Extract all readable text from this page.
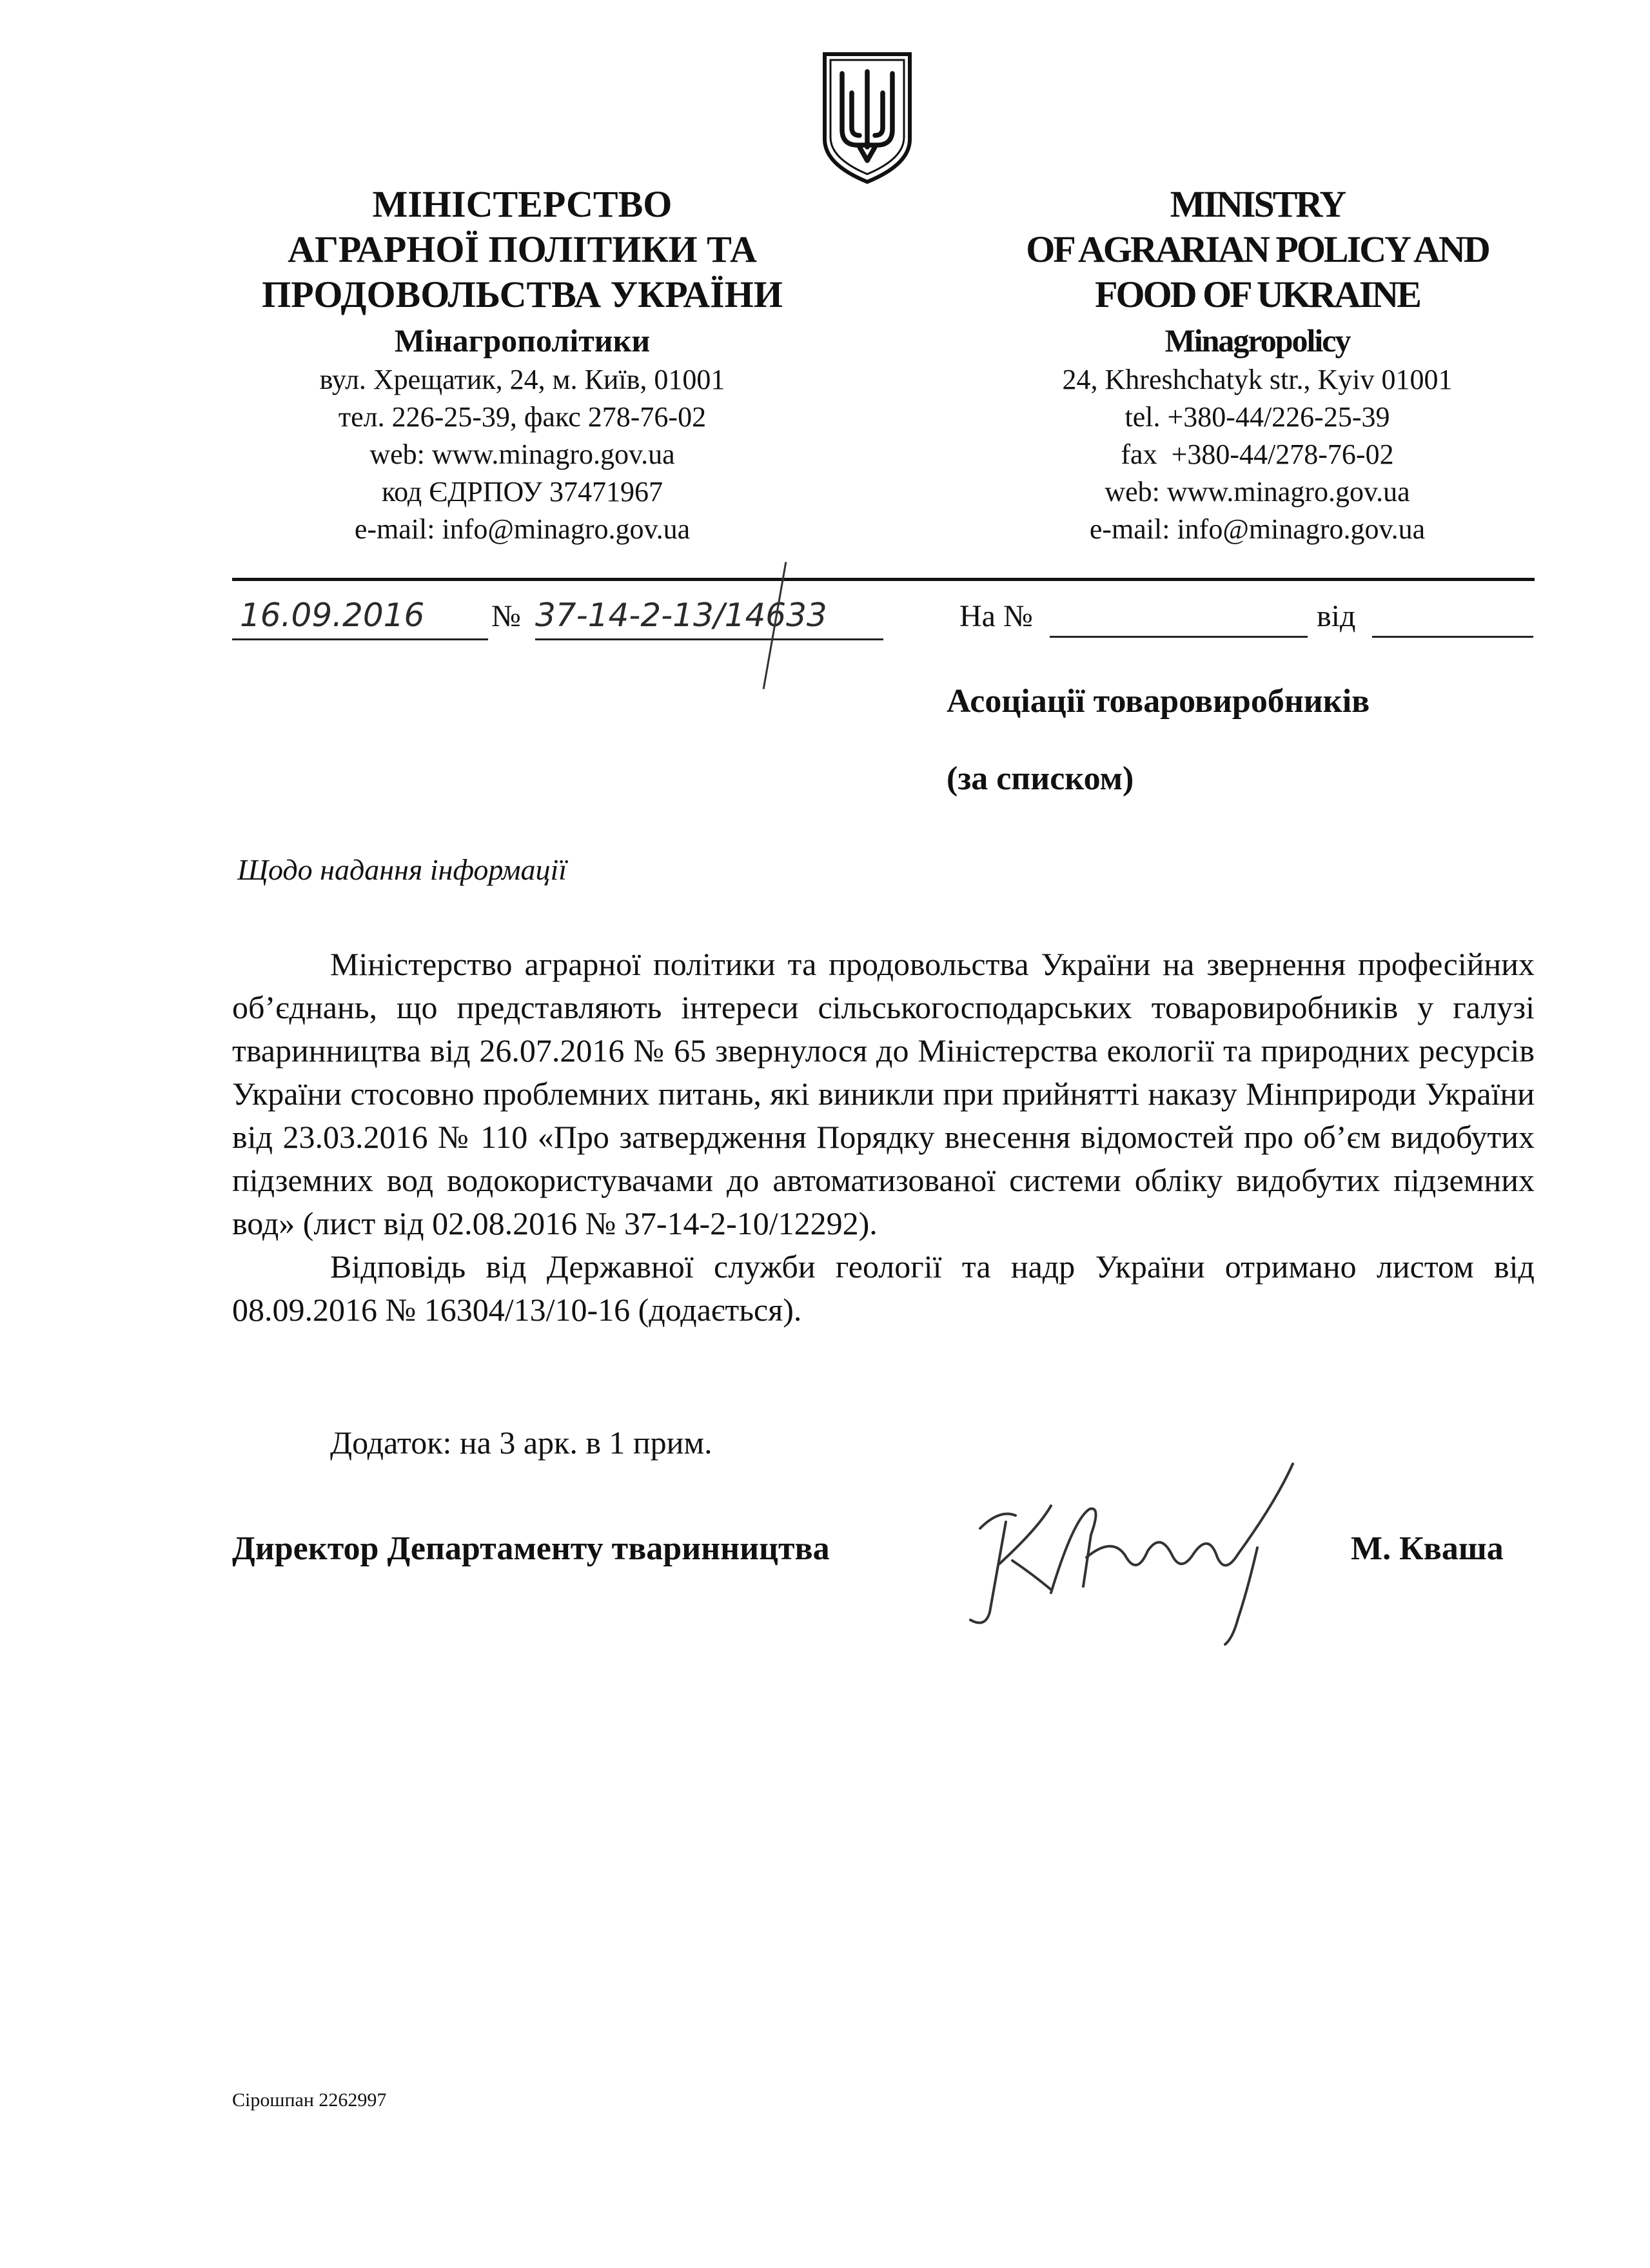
МІНІСТЕРСТВО
АГРАРНОЇ ПОЛІТИКИ ТА
ПРОДОВОЛЬСТВА УКРАЇНИ
Мінагрополітики
вул. Хрещатик, 24, м. Київ, 01001
тел. 226-25-39, факс 278-76-02
web: www.minagro.gov.ua
код ЄДРПОУ 37471967
e-mail: info@minagro.gov.ua
MINISTRY
OF AGRARIAN POLICY AND
FOOD OF UKRAINE
Minagropolicy
24, Khreshchatyk str., Kyiv 01001
tel. +380-44/226-25-39
fax  +380-44/278-76-02
web: www.minagro.gov.ua
e-mail: info@minagro.gov.ua
16.09.2016	№ 37-14-2-13/14633	На №	від
Асоціації товаровиробників
(за списком)
Щодо надання інформації

Міністерство аграрної політики та продовольства України на звернення професійних об’єднань, що представляють інтереси сільськогосподарських товаровиробників у галузі тваринництва від 26.07.2016 № 65 звернулося до Міністерства екології та природних ресурсів України стосовно проблемних питань, які виникли при прийнятті наказу Мінприроди України від 23.03.2016 № 110 «Про затвердження Порядку внесення відомостей про об’єм видобутих підземних вод водокористувачами до автоматизованої системи обліку видобутих підземних вод» (лист від 02.08.2016 № 37-14-2-10/12292).

Відповідь від Державної служби геології та надр України отримано листом від 08.09.2016 № 16304/13/10-16 (додається).

Додаток: на 3 арк. в 1 прим.
Директор Департаменту тваринництва	М. Кваша
Сірошпан 2262997
